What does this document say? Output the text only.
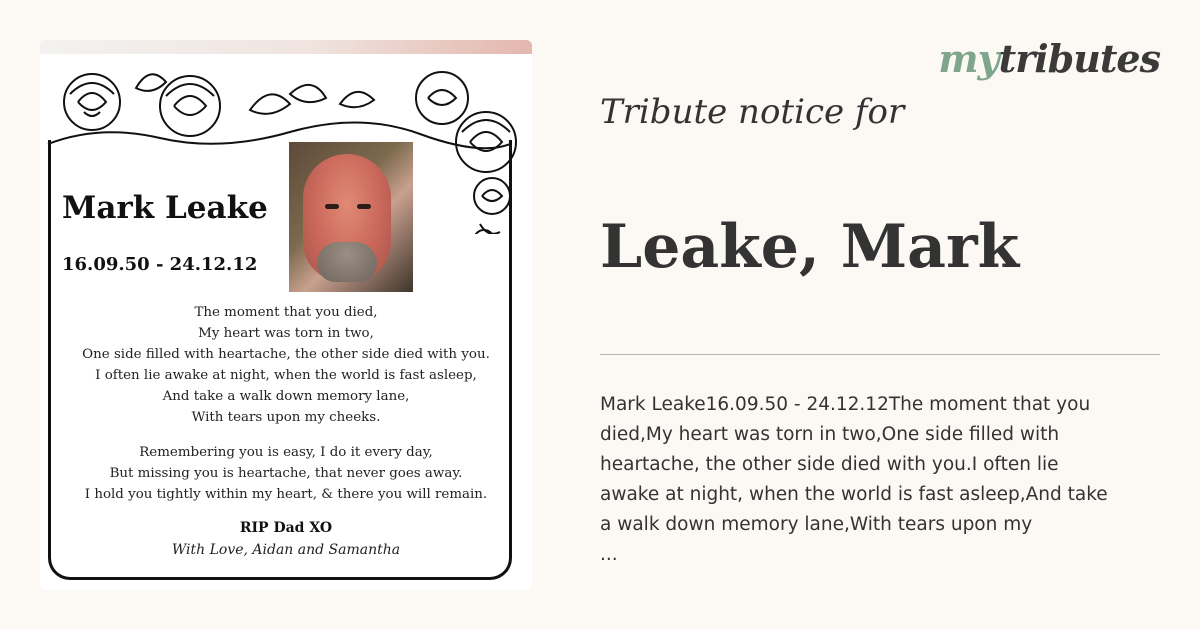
Mark Leake
16.09.50 - 24.12.12
The moment that you died,
My heart was torn in two,
One side filled with heartache, the other side died with you.
I often lie awake at night, when the world is fast asleep,
And take a walk down memory lane,
With tears upon my cheeks.
Remembering you is easy, I do it every day,
But missing you is heartache, that never goes away.
I hold you tightly within my heart, & there you will remain.
RIP Dad XO
With Love, Aidan and Samantha
mytributes
Tribute notice for
Leake, Mark
Mark Leake16.09.50 - 24.12.12The moment that you
died,My heart was torn in two,One side filled with
heartache, the other side died with you.I often lie
awake at night, when the world is fast asleep,And take
a walk down memory lane,With tears upon my
...
